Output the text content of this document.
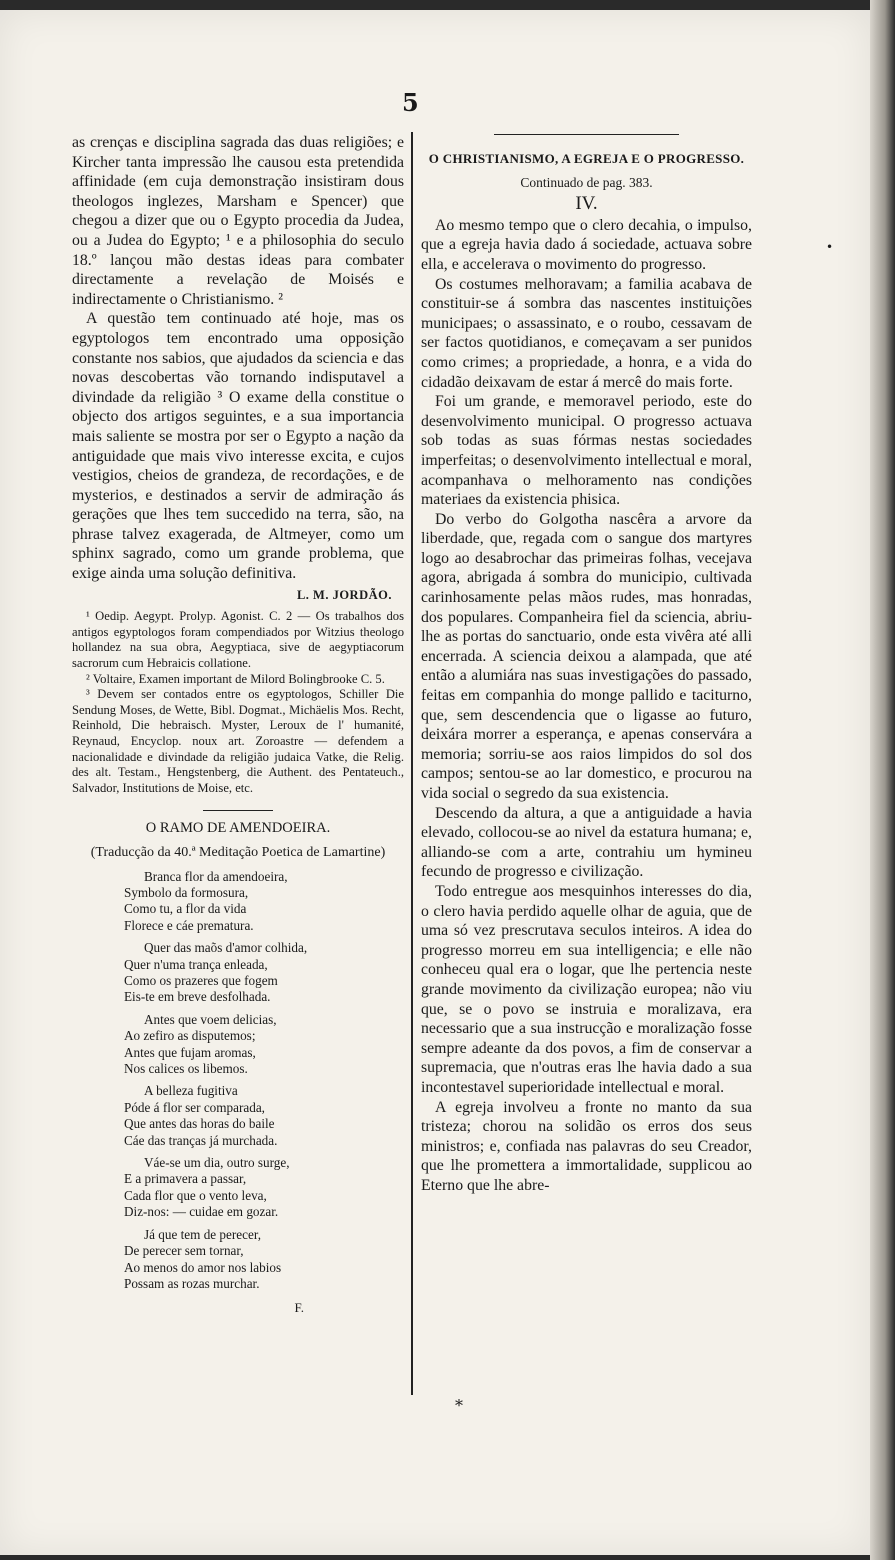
5

as crenças e disciplina sagrada das duas religiões; e Kircher tanta impressão lhe causou esta pretendida affinidade (em cuja demonstração insistiram dous theologos inglezes, Marsham e Spencer) que chegou a dizer que ou o Egypto procedia da Judea, ou a Judea do Egypto; ¹ e a philosophia do seculo 18.º lançou mão destas ideas para combater directamente a revelação de Moisés e indirectamente o Christianismo. ²

A questão tem continuado até hoje, mas os egyptologos tem encontrado uma opposição constante nos sabios, que ajudados da sciencia e das novas descobertas vão tornando indisputavel a divindade da religião ³ O exame della constitue o objecto dos artigos seguintes, e a sua importancia mais saliente se mostra por ser o Egypto a nação da antiguidade que mais vivo interesse excita, e cujos vestigios, cheios de grandeza, de recordações, e de mysterios, e destinados a servir de admiração ás gerações que lhes tem succedido na terra, são, na phrase talvez exagerada, de Altmeyer, como um sphinx sagrado, como um grande problema, que exige ainda uma solução definitiva.

L. M. JORDÃO.

¹ Oedip. Aegypt. Prolyp. Agonist. C. 2 — Os trabalhos dos antigos egyptologos foram compendiados por Witzius theologo hollandez na sua obra, Aegyptiaca, sive de aegyptiacorum sacrorum cum Hebraicis collatione.

² Voltaire, Examen important de Milord Bolingbrooke C. 5.

³ Devem ser contados entre os egyptologos, Schiller Die Sendung Moses, de Wette, Bibl. Dogmat., Michäelis Mos. Recht, Reinhold, Die hebraisch. Myster, Leroux de l' humanité, Reynaud, Encyclop. noux art. Zoroastre — defendem a nacionalidade e divindade da religião judaica Vatke, die Relig. des alt. Testam., Hengstenberg, die Authent. des Pentateuch., Salvador, Institutions de Moise, etc.

O RAMO DE AMENDOEIRA.
(Traducção da 40.ª Meditação Poetica de Lamartine)
Branca flor da amendoeira,
Symbolo da formosura,
Como tu, a flor da vida
Florece e cáe prematura.
Quer das maõs d'amor colhida,
Quer n'uma trança enleada,
Como os prazeres que fogem
Eis-te em breve desfolhada.
Antes que voem delicias,
Ao zefiro as disputemos;
Antes que fujam aromas,
Nos calices os libemos.
A belleza fugitiva
Póde á flor ser comparada,
Que antes das horas do baile
Cáe das tranças já murchada.
Váe-se um dia, outro surge,
E a primavera a passar,
Cada flor que o vento leva,
Diz-nos: — cuidae em gozar.
Já que tem de perecer,
De perecer sem tornar,
Ao menos do amor nos labios
Possam as rozas murchar.
F.
O CHRISTIANISMO, A EGREJA E O PROGRESSO.
Continuado de pag. 383.
IV.

Ao mesmo tempo que o clero decahia, o impulso, que a egreja havia dado á sociedade, actuava sobre ella, e accelerava o movimento do progresso.

Os costumes melhoravam; a familia acabava de constituir-se á sombra das nascentes instituições municipaes; o assassinato, e o roubo, cessavam de ser factos quotidianos, e começavam a ser punidos como crimes; a propriedade, a honra, e a vida do cidadão deixavam de estar á mercê do mais forte.

Foi um grande, e memoravel periodo, este do desenvolvimento municipal. O progresso actuava sob todas as suas fórmas nestas sociedades imperfeitas; o desenvolvimento intellectual e moral, acompanhava o melhoramento nas condições materiaes da existencia phisica.

Do verbo do Golgotha nascêra a arvore da liberdade, que, regada com o sangue dos martyres logo ao desabrochar das primeiras folhas, vecejava agora, abrigada á sombra do municipio, cultivada carinhosamente pelas mãos rudes, mas honradas, dos populares. Companheira fiel da sciencia, abriu-lhe as portas do sanctuario, onde esta vivêra até alli encerrada. A sciencia deixou a alampada, que até então a alumiára nas suas investigações do passado, feitas em companhia do monge pallido e taciturno, que, sem descendencia que o ligasse ao futuro, deixára morrer a esperança, e apenas conservára a memoria; sorriu-se aos raios limpidos do sol dos campos; sentou-se ao lar domestico, e procurou na vida social o segredo da sua existencia.

Descendo da altura, a que a antiguidade a havia elevado, collocou-se ao nivel da estatura humana; e, alliando-se com a arte, contrahiu um hymineu fecundo de progresso e civilização.

Todo entregue aos mesquinhos interesses do dia, o clero havia perdido aquelle olhar de aguia, que de uma só vez prescrutava seculos inteiros. A idea do progresso morreu em sua intelligencia; e elle não conheceu qual era o logar, que lhe pertencia neste grande movimento da civilização europea; não viu que, se o povo se instruia e moralizava, era necessario que a sua instrucção e moralização fosse sempre adeante da dos povos, a fim de conservar a supremacia, que n'outras eras lhe havia dado a sua incontestavel superioridade intellectual e moral.

A egreja involveu a fronte no manto da sua tristeza; chorou na solidão os erros dos seus ministros; e, confiada nas palavras do seu Creador, que lhe promettera a immortalidade, supplicou ao Eterno que lhe abre-

*
•
